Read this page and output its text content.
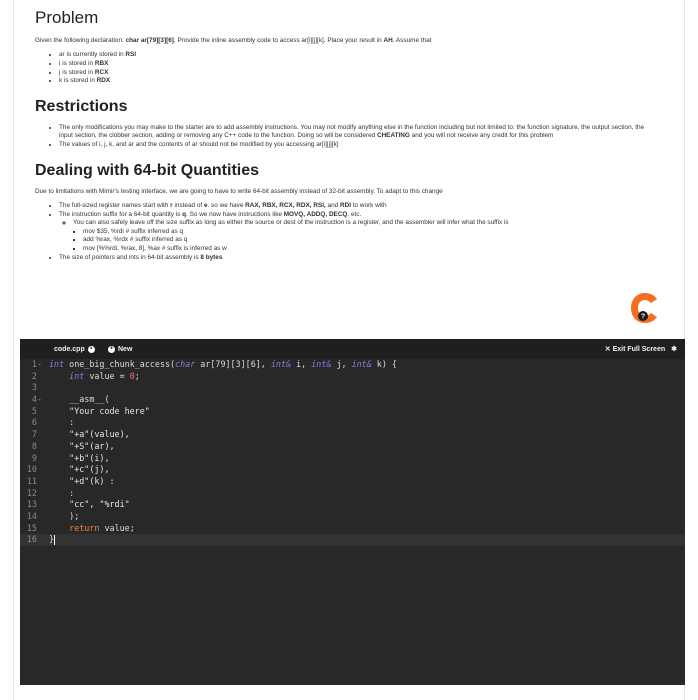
Problem

Given the following declaration: char ar[79][3][6]. Provide the inline assembly code to access ar[i][j][k]. Place your result in AH. Assume that

• ar is currently stored in RSI
• i is stored in RBX
• j is stored in RCX
• k is stored in RDX
Restrictions
• The only modifications you may make to the starter are to add assembly instructions. You may not modify anything else in the function including but not limited to: the function signature, the output section, the input section, the clobber section, adding or removing any C++ code to the function. Doing so will be considered CHEATING and you will not receive any credit for this problem
• The values of i, j, k, and ar and the contents of ar should not be modified by you accessing ar[i][j][k]
Dealing with 64-bit Quantities

Due to limitations with Mimir's testing interface, we are going to have to write 64-bit assembly instead of 32-bit assembly. To adapt to this change

• The full-sized register names start with r instead of e. so we have RAX, RBX, RCX, RDX, RSI, and RDI to work with
• The instruction suffix for a 64-bit quantity is q. So we now have instructions like MOVQ, ADDQ, DECQ, etc.
◦ You can also safely leave off the size suffix as long as either the source or dest of the instruction is a register, and the assembler will infer what the suffix is
▪ mov $35, %rdi # suffix inferred as q
▪ add %rax, %rdx # suffix inferred as q
▪ mov [%%rdi, %rax, 8], %ax # suffix is inferred as w
• The size of pointers and ints in 64-bit assembly is 8 bytes
?
code.cpp •	+ New	✕ Exit Full Screen ✱
1- int one_big_chunk_access(char ar[79][3][6], int& i, int& j, int& k) {
2	int value = 0;
3
4- __asm__(
5 "Your code here"
6 :
7 "+a"(value),
8 "+S"(ar),
9 "+b"(i),
10 "+c"(j),
11 "+d"(k) :
12 :
13 "cc", "%rdi"
14 );
15	return value;
16 }
